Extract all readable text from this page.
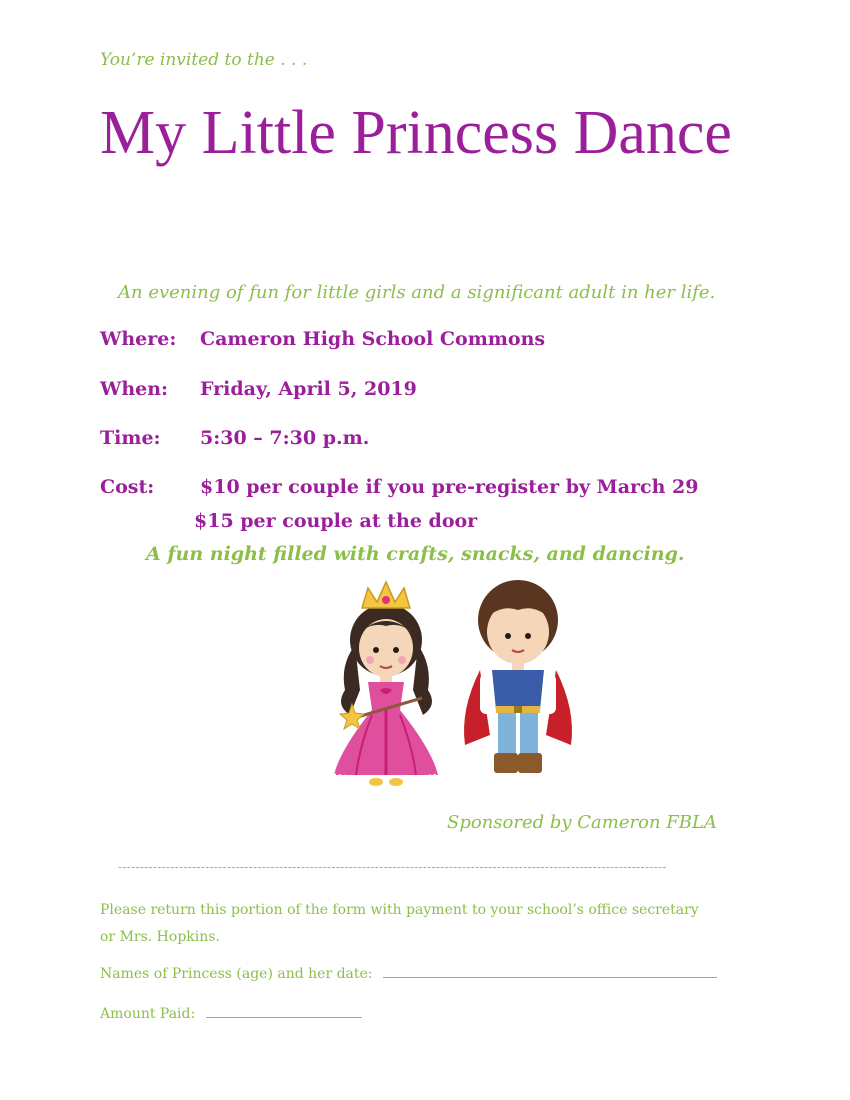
You’re invited to the . . .
My Little Princess Dance
An evening of fun for little girls and a significant adult in her life.
Where:	Cameron High School Commons
When:	Friday, April 5, 2019
Time:	5:30 – 7:30 p.m.
Cost:	$10 per couple if you pre-register by March 29
$15 per couple at the door
A fun night filled with crafts, snacks, and dancing.
Sponsored by Cameron FBLA
------------------------------------------------------------------------------------------------------------------------------
Please return this portion of the form with payment to your school’s office secretary or Mrs. Hopkins.
Names of Princess (age) and her date:
Amount Paid:
